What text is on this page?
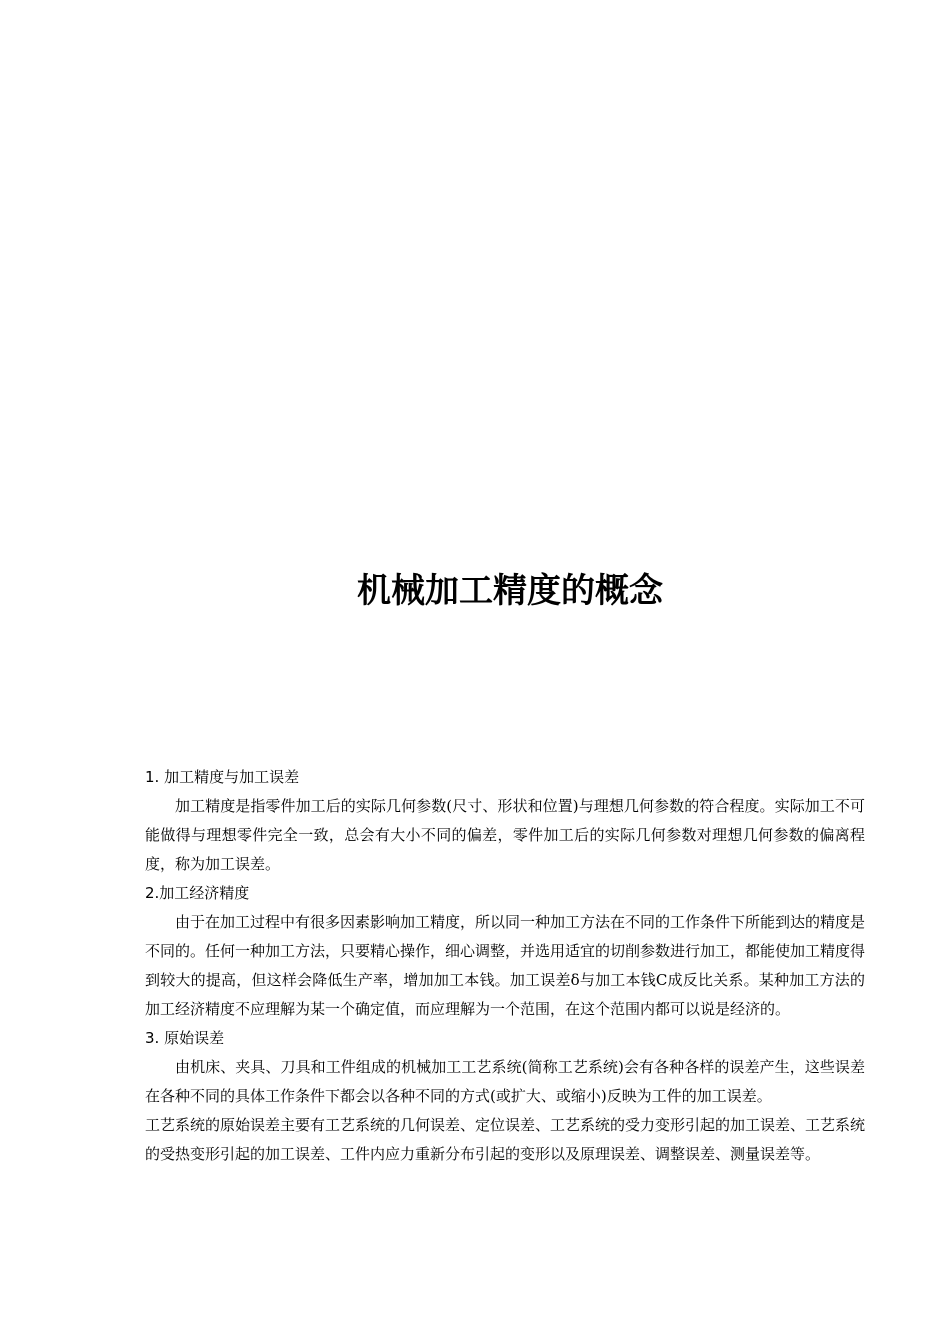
机械加工精度的概念

1. 加工精度与加工误差

加工精度是指零件加工后的实际几何参数(尺寸、形状和位置)与理想几何参数的符合程度。实际加工不可能做得与理想零件完全一致，总会有大小不同的偏差，零件加工后的实际几何参数对理想几何参数的偏离程度，称为加工误差。

2.加工经济精度

由于在加工过程中有很多因素影响加工精度，所以同一种加工方法在不同的工作条件下所能到达的精度是不同的。任何一种加工方法，只要精心操作，细心调整，并选用适宜的切削参数进行加工，都能使加工精度得到较大的提高，但这样会降低生产率，增加加工本钱。加工误差δ与加工本钱C成反比关系。某种加工方法的加工经济精度不应理解为某一个确定值，而应理解为一个范围，在这个范围内都可以说是经济的。

3. 原始误差

由机床、夹具、刀具和工件组成的机械加工工艺系统(简称工艺系统)会有各种各样的误差产生，这些误差在各种不同的具体工作条件下都会以各种不同的方式(或扩大、或缩小)反映为工件的加工误差。

工艺系统的原始误差主要有工艺系统的几何误差、定位误差、工艺系统的受力变形引起的加工误差、工艺系统的受热变形引起的加工误差、工件内应力重新分布引起的变形以及原理误差、调整误差、测量误差等。
